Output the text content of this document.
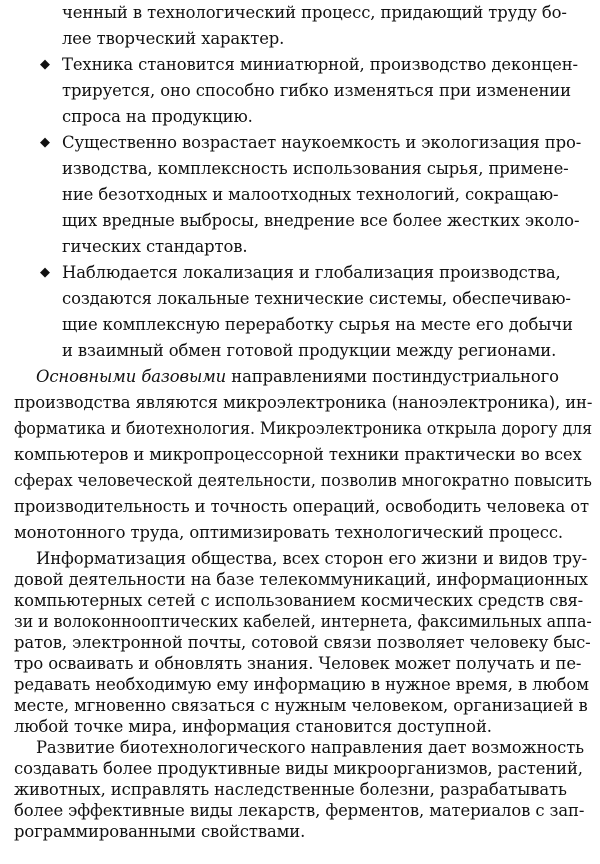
ченный в технологический процесс, придающий труду бо-
лее творческий характер.
◆ Техника становится миниатюрной, производство деконцен-
трируется, оно способно гибко изменяться при изменении
спроса на продукцию.
◆ Существенно возрастает наукоемкость и экологизация про-
изводства, комплексность использования сырья, примене-
ние безотходных и малоотходных технологий, сокращаю-
щих вредные выбросы, внедрение все более жестких эколо-
гических стандартов.
◆ Наблюдается локализация и глобализация производства,
создаются локальные технические системы, обеспечиваю-
щие комплексную переработку сырья на месте его добычи
и взаимный обмен готовой продукции между регионами.
Основными базовыми направлениями постиндустриального
производства являются микроэлектроника (наноэлектроника), ин-
форматика и биотехнология. Микроэлектроника открыла дорогу для
компьютеров и микропроцессорной техники практически во всех
сферах человеческой деятельности, позволив многократно повысить
производительность и точность операций, освободить человека от
монотонного труда, оптимизировать технологический процесс.
Информатизация общества, всех сторон его жизни и видов тру-
довой деятельности на базе телекоммуникаций, информационных
компьютерных сетей с использованием космических средств свя-
зи и волоконнооптических кабелей, интернета, факсимильных аппа-
ратов, электронной почты, сотовой связи позволяет человеку быс-
тро осваивать и обновлять знания. Человек может получать и пе-
редавать необходимую ему информацию в нужное время, в любом
месте, мгновенно связаться с нужным человеком, организацией в
любой точке мира, информация становится доступной.
Развитие биотехнологического направления дает возможность
создавать более продуктивные виды микроорганизмов, растений,
животных, исправлять наследственные болезни, разрабатывать
более эффективные виды лекарств, ферментов, материалов с зап-
рограммированными свойствами.
